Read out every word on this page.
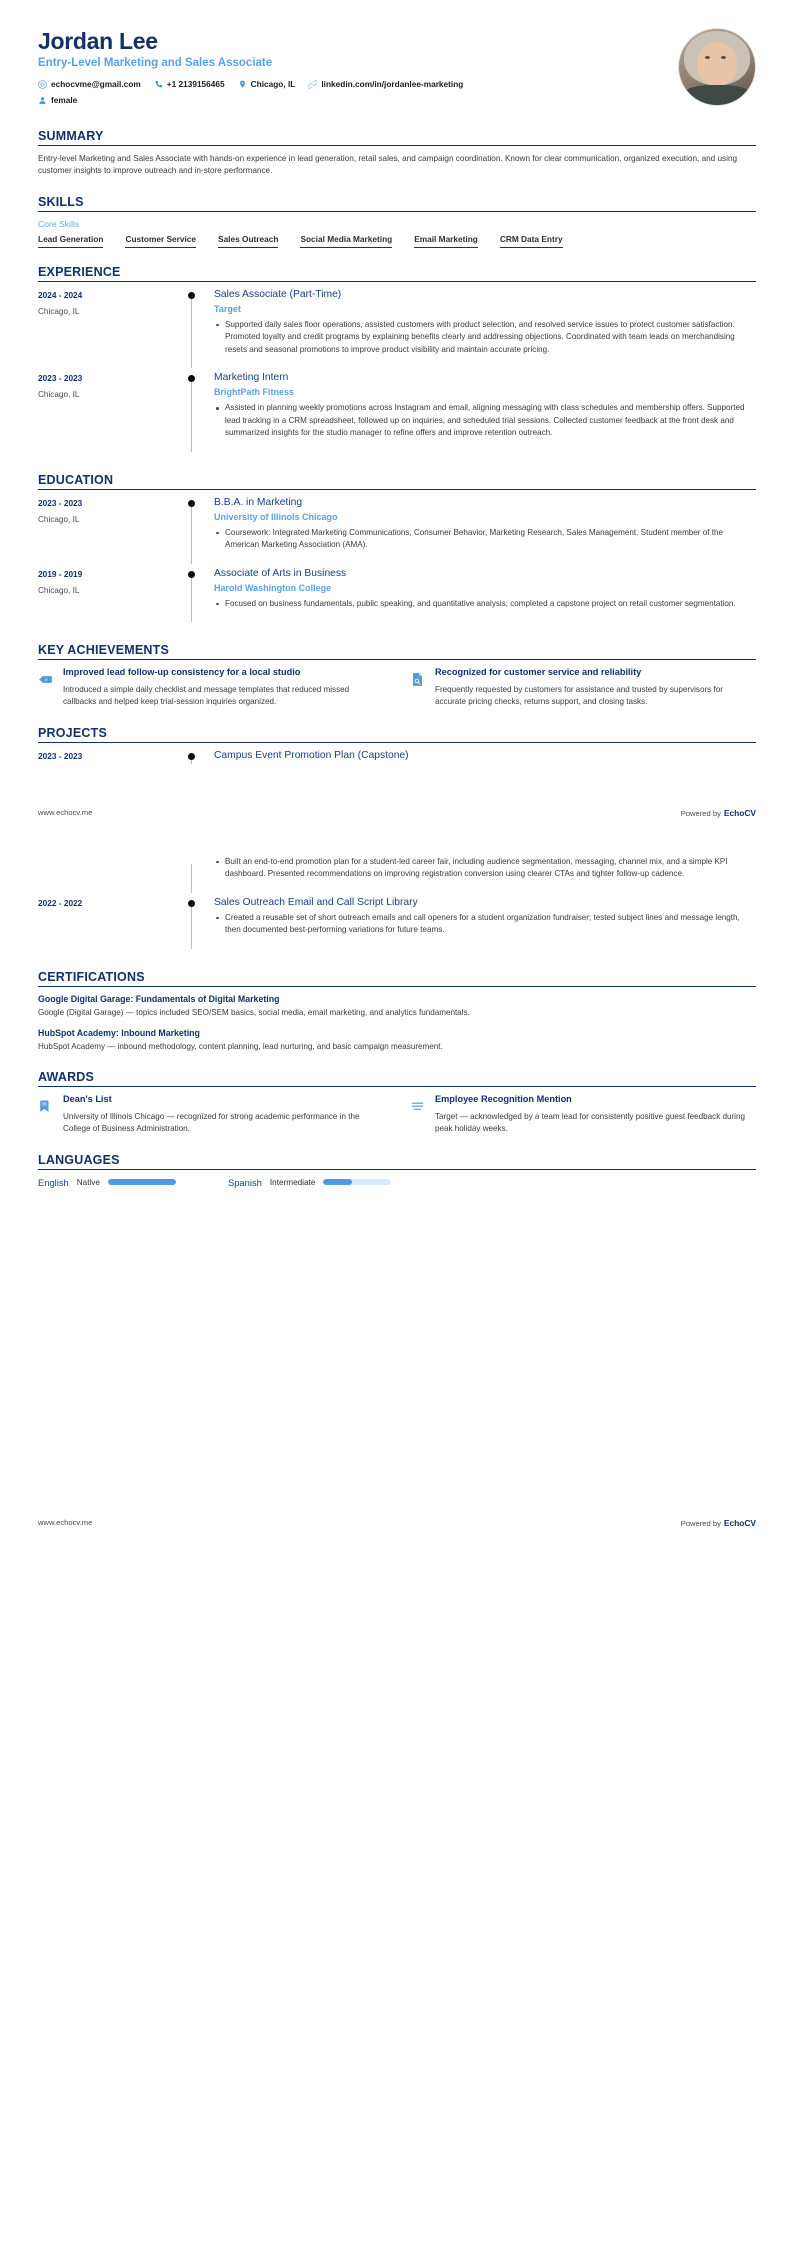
Jordan Lee
Entry-Level Marketing and Sales Associate
echocvme@gmail.com	+1 2139156465	Chicago, IL	linkedin.com/in/jordanlee-marketing
female
SUMMARY
Entry-level Marketing and Sales Associate with hands-on experience in lead generation, retail sales, and campaign coordination. Known for clear communication, organized execution, and using customer insights to improve outreach and in-store performance.
SKILLS
Core Skills
Lead Generation	Customer Service	Sales Outreach	Social Media Marketing	Email Marketing	CRM Data Entry
EXPERIENCE
2024 - 2024
Chicago, IL
Sales Associate (Part-Time)
Target
Supported daily sales floor operations, assisted customers with product selection, and resolved service issues to protect customer satisfaction. Promoted loyalty and credit programs by explaining benefits clearly and addressing objections. Coordinated with team leads on merchandising resets and seasonal promotions to improve product visibility and maintain accurate pricing.
2023 - 2023
Chicago, IL
Marketing Intern
BrightPath Fitness
Assisted in planning weekly promotions across Instagram and email, aligning messaging with class schedules and membership offers. Supported lead tracking in a CRM spreadsheet, followed up on inquiries, and scheduled trial sessions. Collected customer feedback at the front desk and summarized insights for the studio manager to refine offers and improve retention outreach.
EDUCATION
2023 - 2023
Chicago, IL
B.B.A. in Marketing
University of Illinois Chicago
Coursework: Integrated Marketing Communications, Consumer Behavior, Marketing Research, Sales Management. Student member of the American Marketing Association (AMA).
2019 - 2019
Chicago, IL
Associate of Arts in Business
Harold Washington College
Focused on business fundamentals, public speaking, and quantitative analysis; completed a capstone project on retail customer segmentation.
KEY ACHIEVEMENTS
×
Improved lead follow-up consistency for a local studio
Introduced a simple daily checklist and message templates that reduced missed callbacks and helped keep trial-session inquiries organized.
Recognized for customer service and reliability
Frequently requested by customers for assistance and trusted by supervisors for accurate pricing checks, returns support, and closing tasks.
PROJECTS
2023 - 2023	Campus Event Promotion Plan (Capstone)
www.echocv.me	Powered by EchoCV
Built an end-to-end promotion plan for a student-led career fair, including audience segmentation, messaging, channel mix, and a simple KPI dashboard. Presented recommendations on improving registration conversion using clearer CTAs and tighter follow-up cadence.
2022 - 2022	Sales Outreach Email and Call Script Library
Created a reusable set of short outreach emails and call openers for a student organization fundraiser; tested subject lines and message length, then documented best-performing variations for future teams.
CERTIFICATIONS
Google Digital Garage: Fundamentals of Digital Marketing
Google (Digital Garage) — topics included SEO/SEM basics, social media, email marketing, and analytics fundamentals.
HubSpot Academy: Inbound Marketing
HubSpot Academy — inbound methodology, content planning, lead nurturing, and basic campaign measurement.
AWARDS
Dean's List
University of Illinois Chicago — recognized for strong academic performance in the College of Business Administration.
Employee Recognition Mention
Target — acknowledged by a team lead for consistently positive guest feedback during peak holiday weeks.
LANGUAGES
English Native	Spanish Intermediate
www.echocv.me	Powered by EchoCV
